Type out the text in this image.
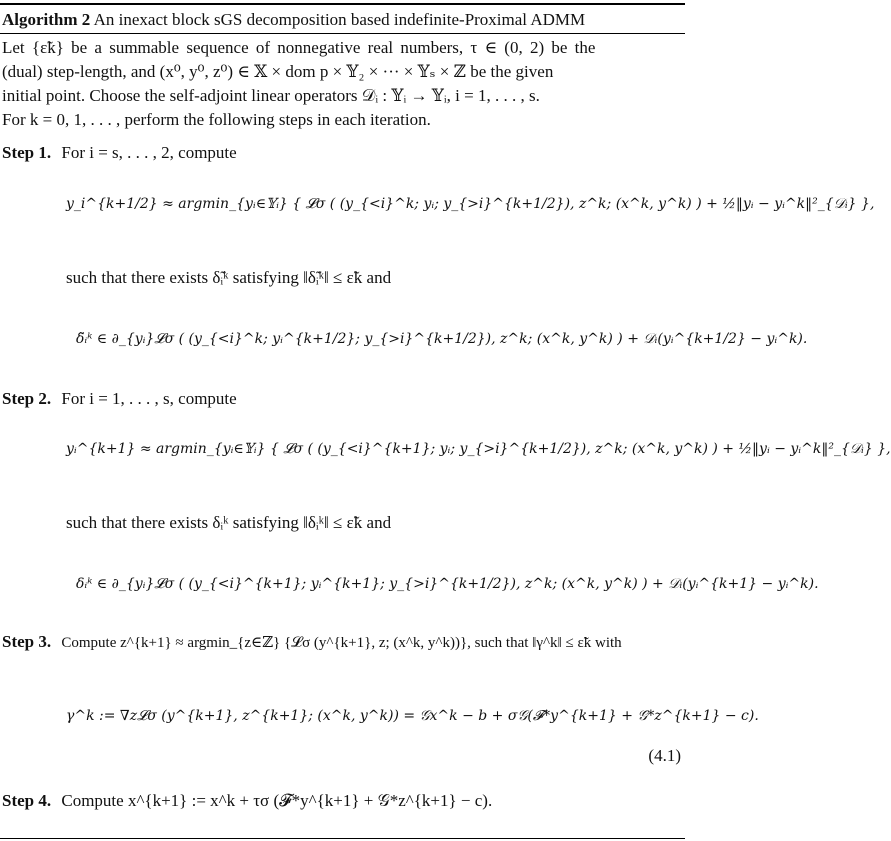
Algorithm 2 An inexact block sGS decomposition based indefinite-Proximal ADMM
Let {ε̃k} be a summable sequence of nonnegative real numbers, τ ∈ (0, 2) be the
(dual) step-length, and (x⁰, y⁰, z⁰) ∈ 𝕏 × dom p × 𝕐₂ × ··· × 𝕐ₛ × ℤ be the given
initial point. Choose the self-adjoint linear operators 𝒟ᵢ : 𝕐ᵢ → 𝕐ᵢ, i = 1, . . . , s.
For k = 0, 1, . . . , perform the following steps in each iteration.
Step 1. For i = s, . . . , 2, compute
y_i^{k+1/2} ≈ argmin_{yᵢ∈𝕐ᵢ} { 𝓛σ ( (y_{<i}^k; yᵢ; y_{>i}^{k+1/2}), z^k; (x^k, y^k) ) + ½‖yᵢ − yᵢ^k‖²_{𝒟ᵢ} },
such that there exists δ̃ᵢᵏ satisfying ‖δ̃ᵢᵏ‖ ≤ ε̃k and
δ̃ᵢᵏ ∈ ∂_{yᵢ}𝓛σ ( (y_{<i}^k; yᵢ^{k+1/2}; y_{>i}^{k+1/2}), z^k; (x^k, y^k) ) + 𝒟ᵢ(yᵢ^{k+1/2} − yᵢ^k).
Step 2. For i = 1, . . . , s, compute
yᵢ^{k+1} ≈ argmin_{yᵢ∈𝕐ᵢ} { 𝓛σ ( (y_{<i}^{k+1}; yᵢ; y_{>i}^{k+1/2}), z^k; (x^k, y^k) ) + ½‖yᵢ − yᵢ^k‖²_{𝒟ᵢ} },
such that there exists δᵢᵏ satisfying ‖δᵢᵏ‖ ≤ ε̃k and
δᵢᵏ ∈ ∂_{yᵢ}𝓛σ ( (y_{<i}^{k+1}; yᵢ^{k+1}; y_{>i}^{k+1/2}), z^k; (x^k, y^k) ) + 𝒟ᵢ(yᵢ^{k+1} − yᵢ^k).
Step 3. Compute z^{k+1} ≈ argmin_{z∈ℤ} {𝓛σ (y^{k+1}, z; (x^k, y^k))}, such that ‖γ^k‖ ≤ ε̃k with
γ^k := ∇z𝓛σ (y^{k+1}, z^{k+1}; (x^k, y^k)) = 𝒢x^k − b + σ𝒢(𝓕*y^{k+1} + 𝒢*z^{k+1} − c).
(4.1)
Step 4. Compute x^{k+1} := x^k + τσ (𝓕*y^{k+1} + 𝒢*z^{k+1} − c).
